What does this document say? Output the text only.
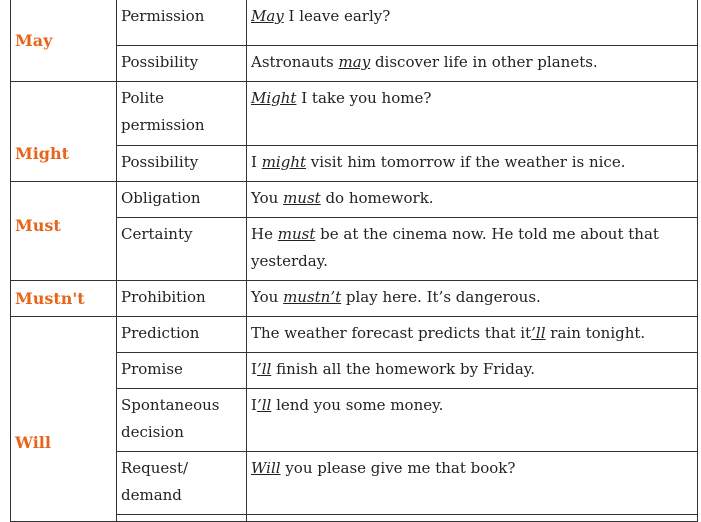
May	Permission	May I leave early?
	Possibility	Astronauts may discover life in other planets.
Might	Polite permission	Might I take you home?
	Possibility	I might visit him tomorrow if the weather is nice.
Must	Obligation	You must do homework.
	Certainty	He must be at the cinema now. He told me about that yesterday.
Mustn't	Prohibition	You mustn’t play here. It’s dangerous.
Will	Prediction	The weather forecast predicts that it’ll rain tonight.
	Promise	I’ll finish all the homework by Friday.
	Spontaneous decision	I’ll lend you some money.
	Request/ demand	Will you please give me that book?
